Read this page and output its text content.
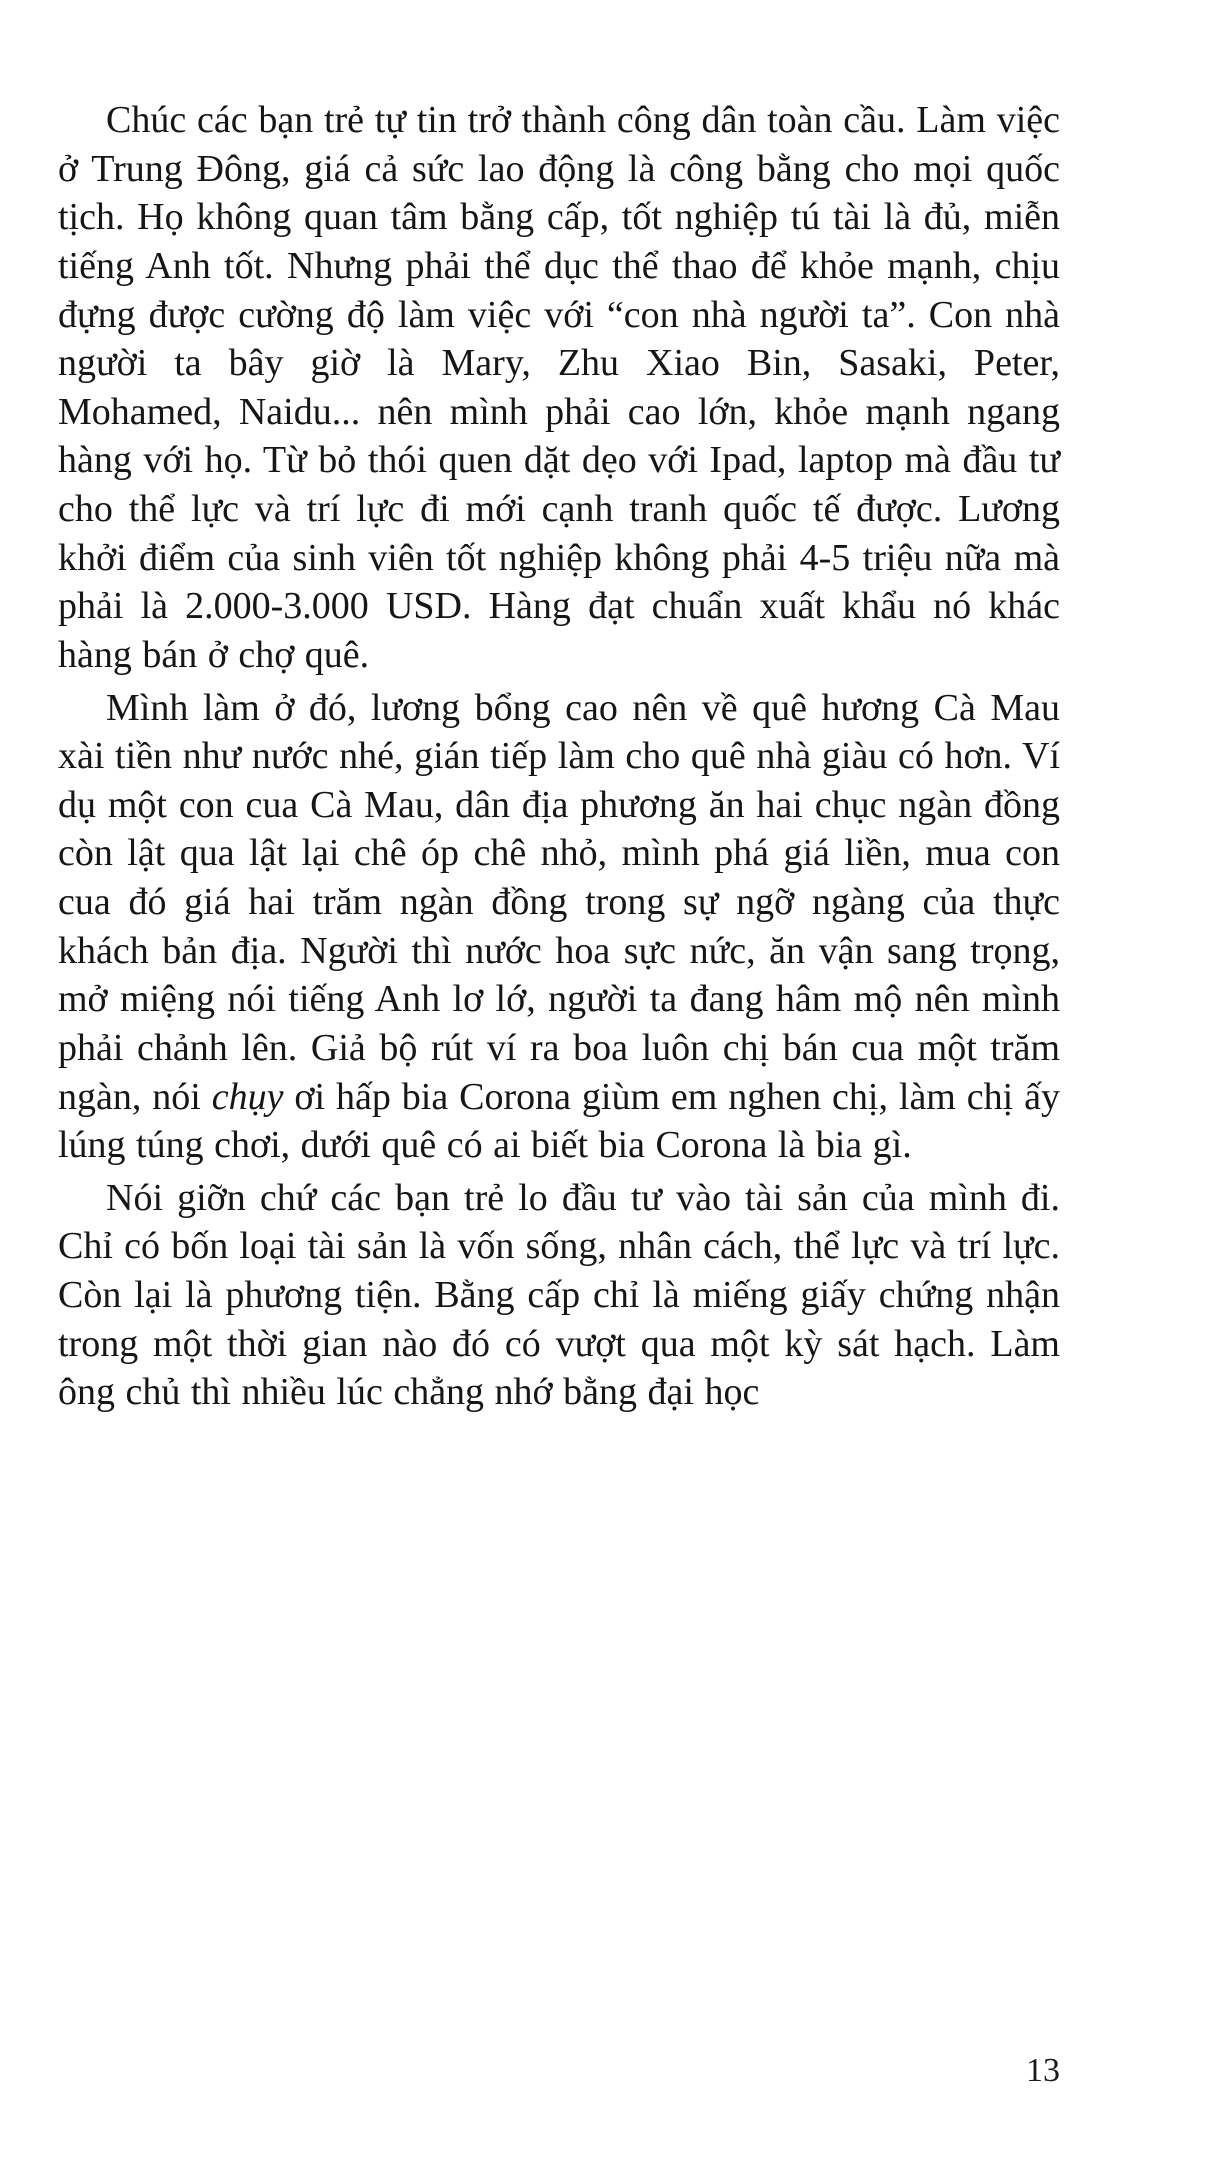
Chúc các bạn trẻ tự tin trở thành công dân toàn cầu. Làm việc ở Trung Đông, giá cả sức lao động là công bằng cho mọi quốc tịch. Họ không quan tâm bằng cấp, tốt nghiệp tú tài là đủ, miễn tiếng Anh tốt. Nhưng phải thể dục thể thao để khỏe mạnh, chịu đựng được cường độ làm việc với “con nhà người ta”. Con nhà người ta bây giờ là Mary, Zhu Xiao Bin, Sasaki, Peter, Mohamed, Naidu... nên mình phải cao lớn, khỏe mạnh ngang hàng với họ. Từ bỏ thói quen dặt dẹo với Ipad, laptop mà đầu tư cho thể lực và trí lực đi mới cạnh tranh quốc tế được. Lương khởi điểm của sinh viên tốt nghiệp không phải 4-5 triệu nữa mà phải là 2.000-3.000 USD. Hàng đạt chuẩn xuất khẩu nó khác hàng bán ở chợ quê.

Mình làm ở đó, lương bổng cao nên về quê hương Cà Mau xài tiền như nước nhé, gián tiếp làm cho quê nhà giàu có hơn. Ví dụ một con cua Cà Mau, dân địa phương ăn hai chục ngàn đồng còn lật qua lật lại chê óp chê nhỏ, mình phá giá liền, mua con cua đó giá hai trăm ngàn đồng trong sự ngỡ ngàng của thực khách bản địa. Người thì nước hoa sực nức, ăn vận sang trọng, mở miệng nói tiếng Anh lơ lớ, người ta đang hâm mộ nên mình phải chảnh lên. Giả bộ rút ví ra boa luôn chị bán cua một trăm ngàn, nói chụy ơi hấp bia Corona giùm em nghen chị, làm chị ấy lúng túng chơi, dưới quê có ai biết bia Corona là bia gì.

Nói giỡn chứ các bạn trẻ lo đầu tư vào tài sản của mình đi. Chỉ có bốn loại tài sản là vốn sống, nhân cách, thể lực và trí lực. Còn lại là phương tiện. Bằng cấp chỉ là miếng giấy chứng nhận trong một thời gian nào đó có vượt qua một kỳ sát hạch. Làm ông chủ thì nhiều lúc chẳng nhớ bằng đại học

13
